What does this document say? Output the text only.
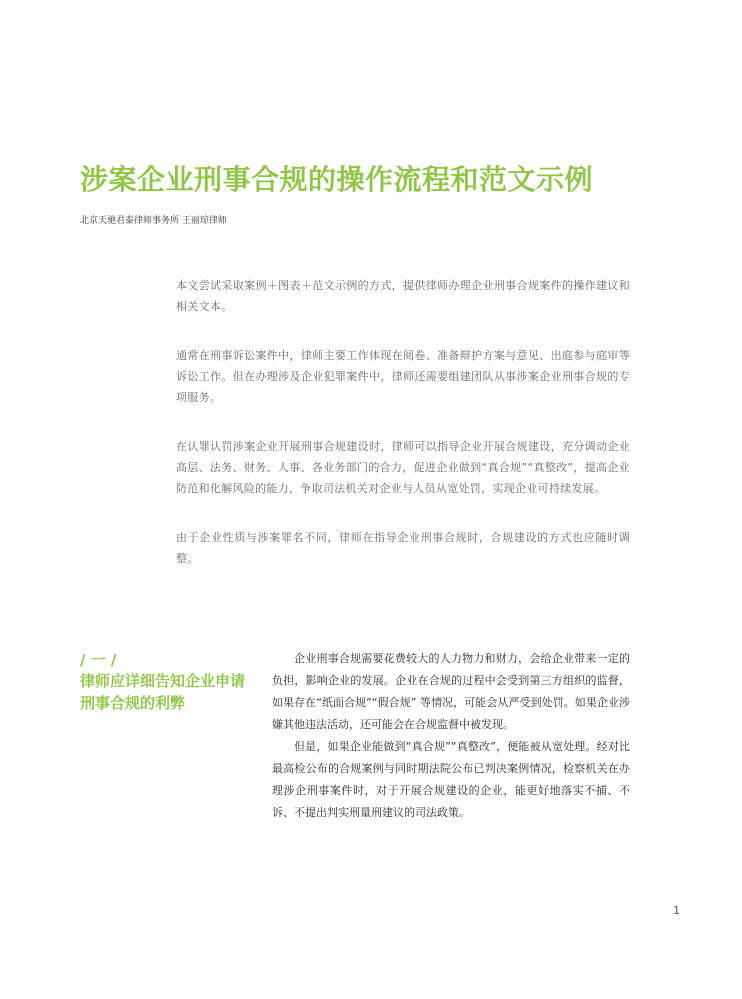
涉案企业刑事合规的操作流程和范文示例
北京天驰君泰律师事务所 王丽琼律师

本文尝试采取案例＋图表＋范文示例的方式，提供律师办理企业刑事合规案件的操作建议和相关文本。

通常在刑事诉讼案件中，律师主要工作体现在阅卷、准备辩护方案与意见、出庭参与庭审等诉讼工作。但在办理涉及企业犯罪案件中，律师还需要组建团队从事涉案企业刑事合规的专项服务。

在认罪认罚涉案企业开展刑事合规建设时，律师可以指导企业开展合规建设，充分调动企业高层、法务、财务、人事、各业务部门的合力，促进企业做到“真合规”“真整改”，提高企业防范和化解风险的能力，争取司法机关对企业与人员从宽处罚，实现企业可持续发展。

由于企业性质与涉案罪名不同，律师在指导企业刑事合规时，合规建设的方式也应随时调整。

/ 一 /
律师应详细告知企业申请刑事合规的利弊

企业刑事合规需要花费较大的人力物力和财力，会给企业带来一定的负担，影响企业的发展。企业在合规的过程中会受到第三方组织的监督，如果存在“纸面合规”“假合规” 等情况，可能会从严受到处罚。如果企业涉嫌其他违法活动，还可能会在合规监督中被发现。

但是，如果企业能做到“真合规”“真整改”，便能被从宽处理。经对比最高检公布的合规案例与同时期法院公布已判决案例情况，检察机关在办理涉企刑事案件时，对于开展合规建设的企业，能更好地落实不捕、不诉、不提出判实刑量刑建议的司法政策。

1
